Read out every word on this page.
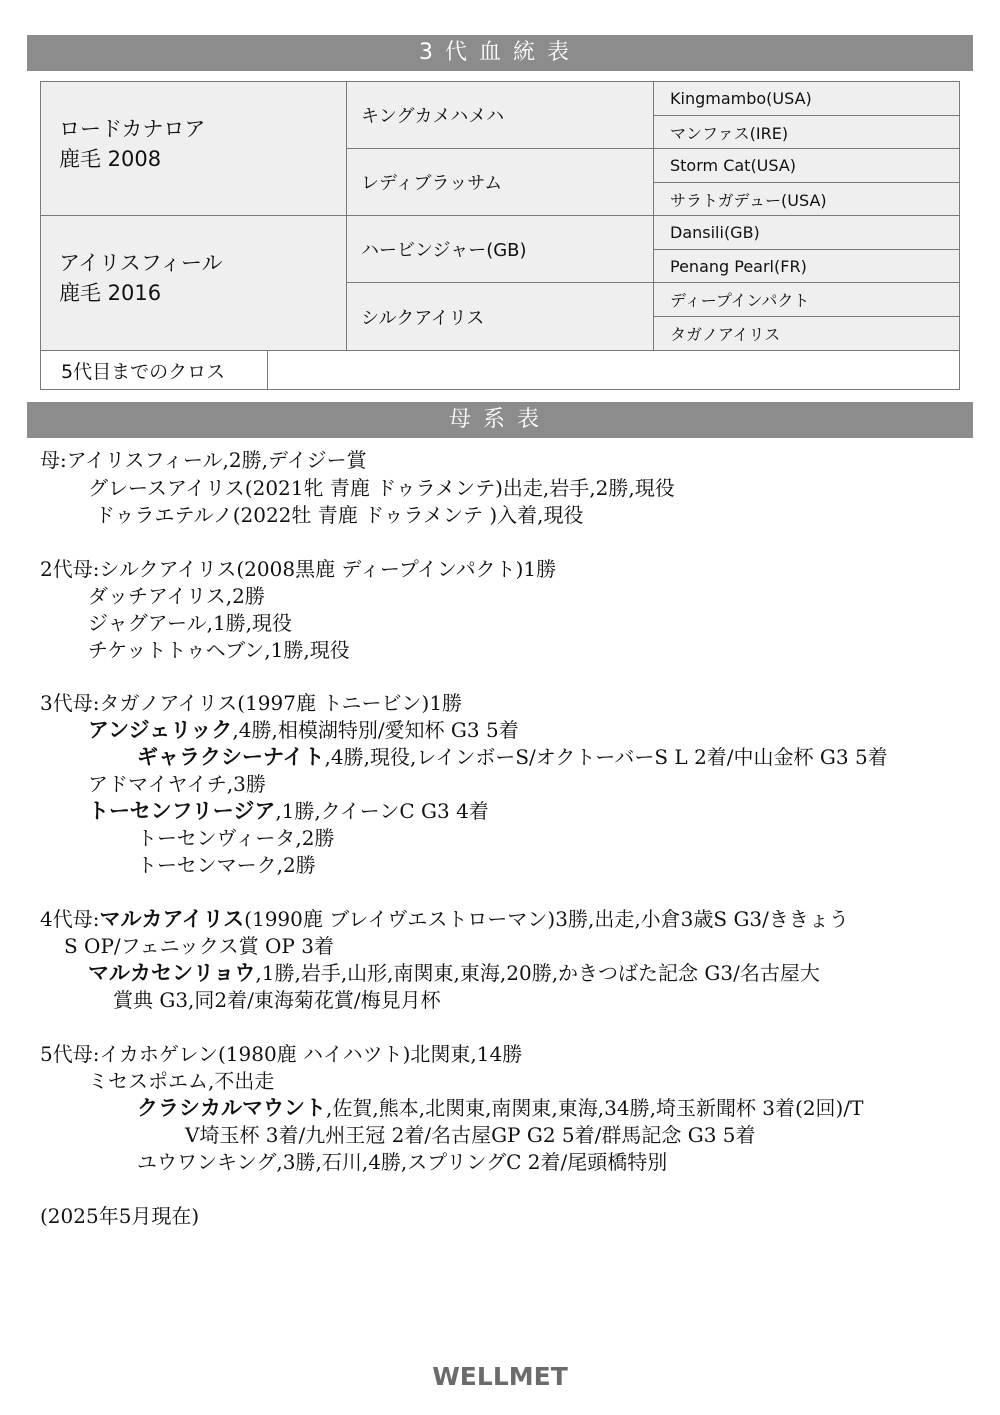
3代血統表
ロードカナロア
鹿毛 2008
アイリスフィール
鹿毛 2016
キングカメハメハ
レディブラッサム
ハービンジャー(GB)
シルクアイリス
Kingmambo(USA)
マンファス(IRE)
Storm Cat(USA)
サラトガデュー(USA)
Dansili(GB)
Penang Pearl(FR)
ディープインパクト
タガノアイリス
5代目までのクロス
母系表
母:アイリスフィール,2勝,デイジー賞
グレースアイリス(2021牝 青鹿 ドゥラメンテ)出走,岩手,2勝,現役
ドゥラエテルノ(2022牡 青鹿 ドゥラメンテ )入着,現役
2代母:シルクアイリス(2008黒鹿 ディープインパクト)1勝
ダッチアイリス,2勝
ジャグアール,1勝,現役
チケットトゥヘブン,1勝,現役
3代母:タガノアイリス(1997鹿 トニービン)1勝
アンジェリック,4勝,相模湖特別/愛知杯 G3 5着
ギャラクシーナイト,4勝,現役,レインボーS/オクトーバーS L 2着/中山金杯 G3 5着
アドマイヤイチ,3勝
トーセンフリージア,1勝,クイーンC G3 4着
トーセンヴィータ,2勝
トーセンマーク,2勝
4代母:マルカアイリス(1990鹿 ブレイヴエストローマン)3勝,出走,小倉3歳S G3/ききょう
S OP/フェニックス賞 OP 3着
マルカセンリョウ,1勝,岩手,山形,南関東,東海,20勝,かきつばた記念 G3/名古屋大
賞典 G3,同2着/東海菊花賞/梅見月杯
5代母:イカホゲレン(1980鹿 ハイハツト)北関東,14勝
ミセスポエム,不出走
クラシカルマウント,佐賀,熊本,北関東,南関東,東海,34勝,埼玉新聞杯 3着(2回)/T
V埼玉杯 3着/九州王冠 2着/名古屋GP G2 5着/群馬記念 G3 5着
ユウワンキング,3勝,石川,4勝,スプリングC 2着/尾頭橋特別
(2025年5月現在)
WELLMET
